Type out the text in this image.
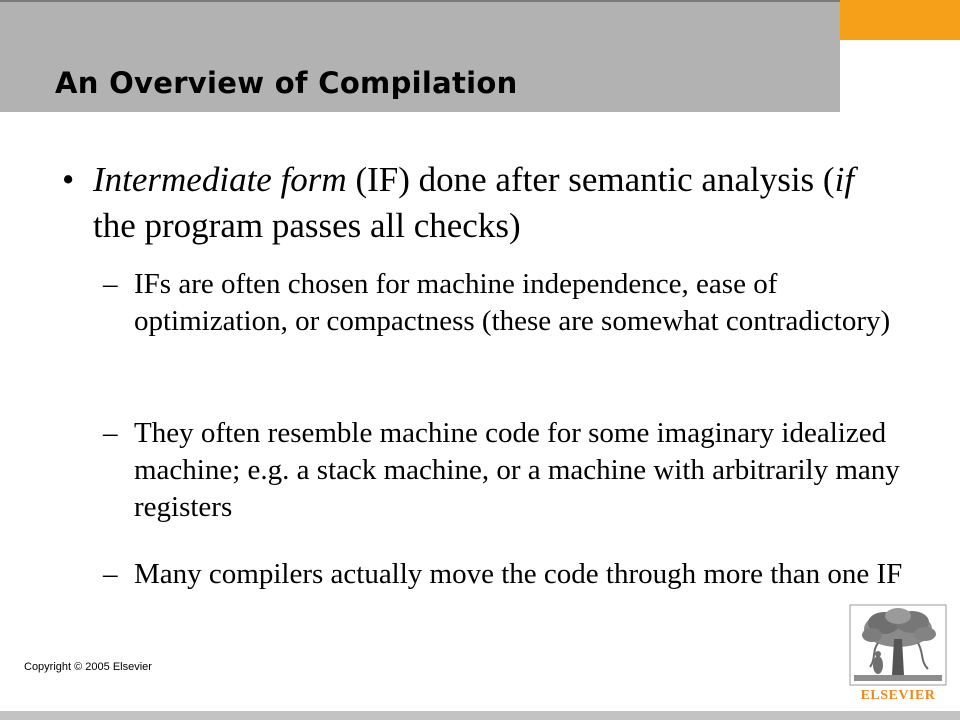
An Overview of Compilation
• Intermediate form (IF) done after semantic analysis (if the program passes all checks)
– IFs are often chosen for machine independence, ease of optimization, or compactness (these are somewhat contradictory)
– They often resemble machine code for some imaginary idealized machine; e.g. a stack machine, or a machine with arbitrarily many registers
– Many compilers actually move the code through more than one IF
Copyright © 2005 Elsevier
ELSEVIER
